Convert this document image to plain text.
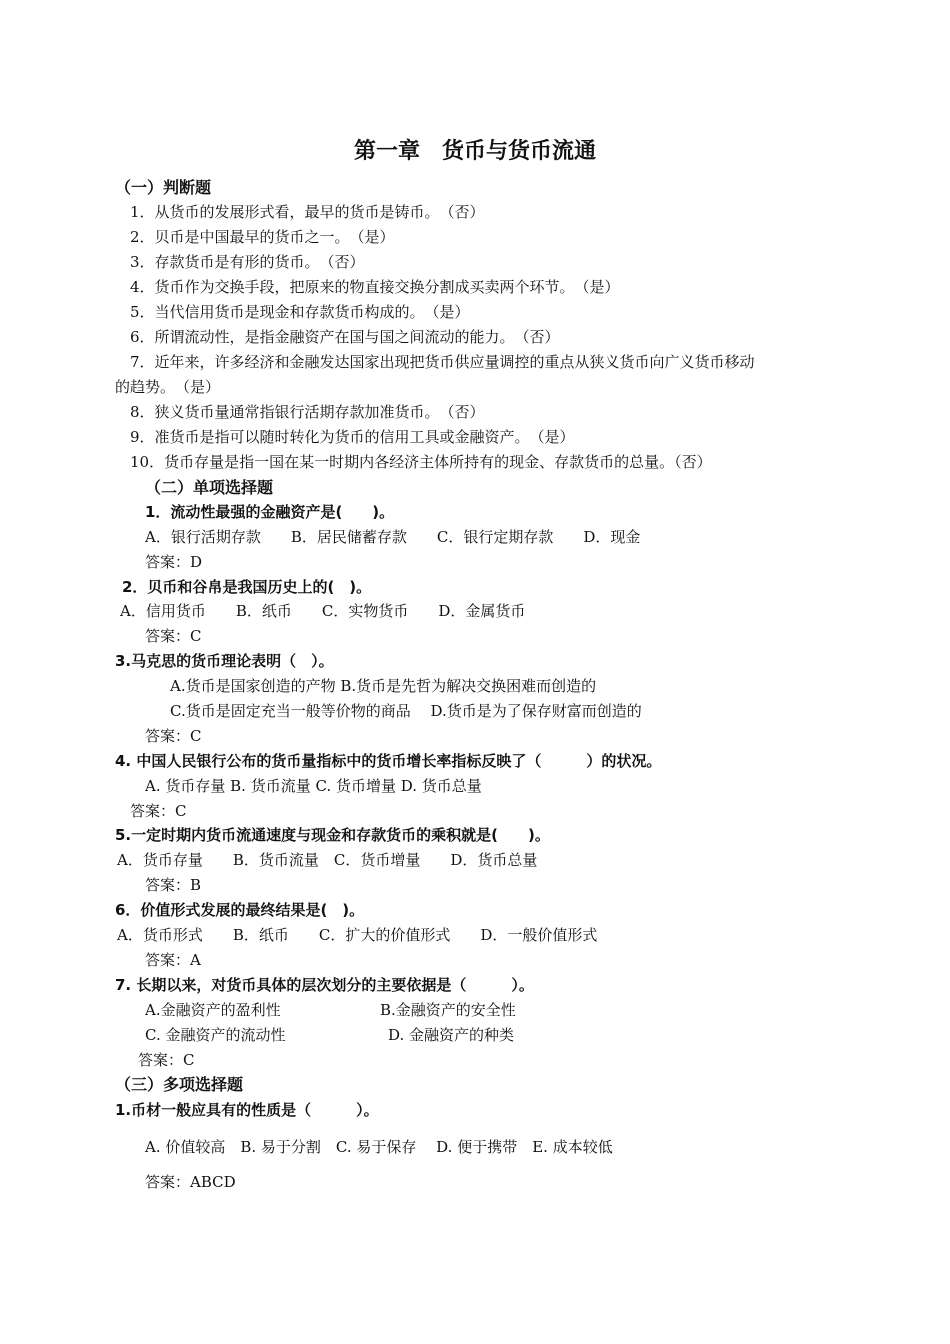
第一章　货币与货币流通
（一）判断题
1．从货币的发展形式看，最早的货币是铸币。　（否）
2．贝币是中国最早的货币之一。　（是）
3．存款货币是有形的货币。　（否）
4．货币作为交换手段，把原来的物直接交换分割成买卖两个环节。　（是）
5．当代信用货币是现金和存款货币构成的。　（是）
6．所谓流动性，是指金融资产在国与国之间流动的能力。　（否）
7．近年来，许多经济和金融发达国家出现把货币供应量调控的重点从狭义货币向广义货币移动
的趋势。　（是）
8．狭义货币量通常指银行活期存款加准货币。　（否）
9．准货币是指可以随时转化为货币的信用工具或金融资产。　（是）
10．货币存量是指一国在某一时期内各经济主体所持有的现金、存款货币的总量。（否）
（二）单项选择题
1．流动性最强的金融资产是(　　)。
A．银行活期存款　　B．居民储蓄存款　　C．银行定期存款　　D．现金
答案：D
2．贝币和谷帛是我国历史上的(　)。
A．信用货币　　B．纸币　　C．实物货币　　D．金属货币
答案：C
3.马克思的货币理论表明（　）。
A.货币是国家创造的产物 B.货币是先哲为解决交换困难而创造的
C.货币是固定充当一般等价物的商品　 D.货币是为了保存财富而创造的
答案：C
4. 中国人民银行公布的货币量指标中的货币增长率指标反映了（　　　）的状况。
A. 货币存量 B. 货币流量 C. 货币增量 D. 货币总量
答案：C
5.一定时期内货币流通速度与现金和存款货币的乘积就是(　　)。
A．货币存量　　B．货币流量　C．货币增量　　D．货币总量
答案：B
6．价值形式发展的最终结果是(　)。
A．货币形式　　B．纸币　　C．扩大的价值形式　　D．一般价值形式
答案：A
7. 长期以来，对货币具体的层次划分的主要依据是（　　　）。
A.金融资产的盈利性	B.金融资产的安全性
C. 金融资产的流动性	D. 金融资产的种类
答案：C
（三）多项选择题
1.币材一般应具有的性质是（　　　）。
A. 价值较高　B. 易于分割　C. 易于保存　 D. 便于携带　E. 成本较低
答案：ABCD
